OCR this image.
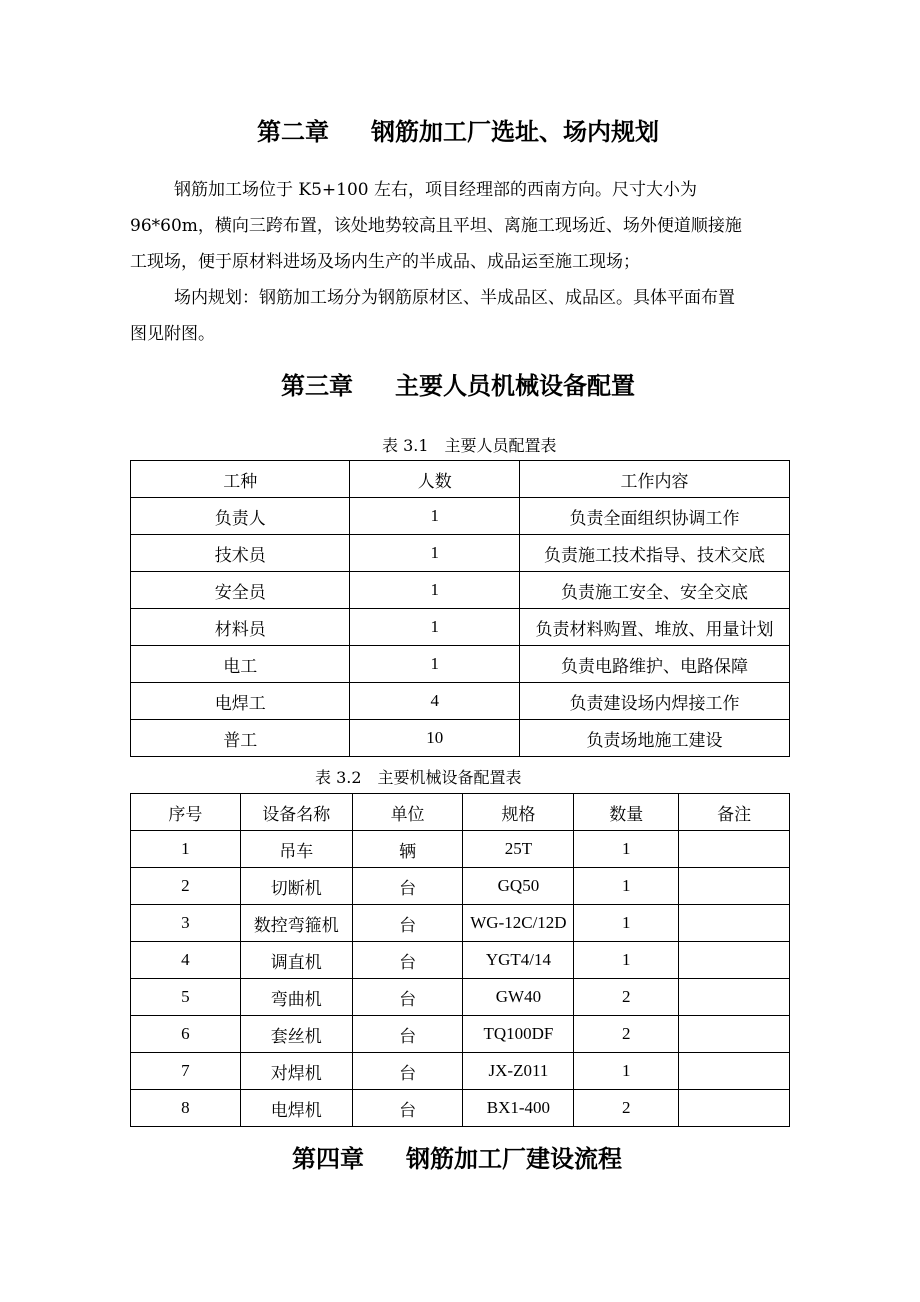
第二章 钢筋加工厂选址、场内规划
钢筋加工场位于 K5+100 左右，项目经理部的西南方向。尺寸大小为
96*60m，横向三跨布置，该处地势较高且平坦、离施工现场近、场外便道顺接施
工现场，便于原材料进场及场内生产的半成品、成品运至施工现场；
场内规划：钢筋加工场分为钢筋原材区、半成品区、成品区。具体平面布置
图见附图。
第三章 主要人员机械设备配置
表 3.1　主要人员配置表
工种	人数	工作内容
负责人	1	负责全面组织协调工作
技术员	1	负责施工技术指导、技术交底
安全员	1	负责施工安全、安全交底
材料员	1	负责材料购置、堆放、用量计划
电工	1	负责电路维护、电路保障
电焊工	4	负责建设场内焊接工作
普工	10	负责场地施工建设
表 3.2　主要机械设备配置表
序号	设备名称	单位	规格	数量	备注
1	吊车	辆	25T	1	
2	切断机	台	GQ50	1	
3	数控弯箍机	台	WG-12C/12D	1	
4	调直机	台	YGT4/14	1	
5	弯曲机	台	GW40	2	
6	套丝机	台	TQ100DF	2	
7	对焊机	台	JX-Z011	1	
8	电焊机	台	BX1-400	2	
第四章 钢筋加工厂建设流程
